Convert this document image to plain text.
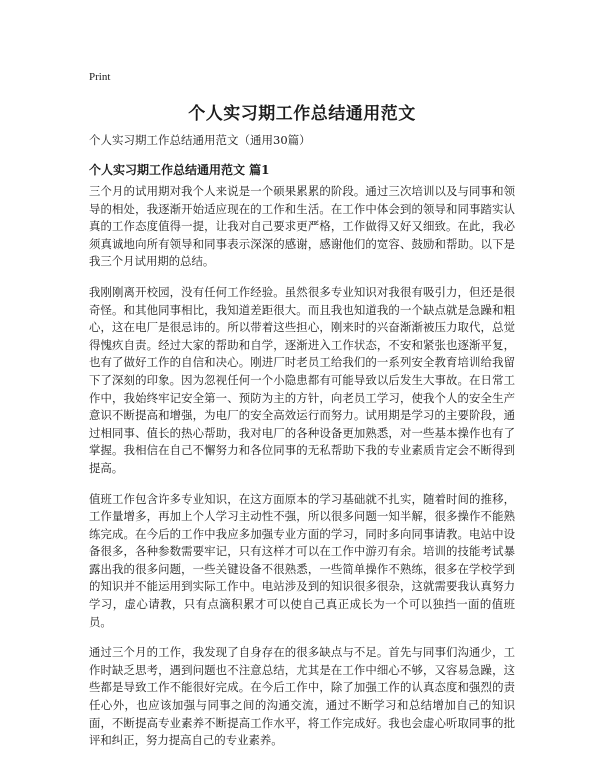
Print
个人实习期工作总结通用范文
个人实习期工作总结通用范文（通用30篇）
个人实习期工作总结通用范文 篇1

三个月的试用期对我个人来说是一个硕果累累的阶段。通过三次培训以及与同事和领导的相处，我逐渐开始适应现在的工作和生活。在工作中体会到的领导和同事踏实认真的工作态度值得一提，让我对自己要求更严格，工作做得又好又细致。在此，我必须真诚地向所有领导和同事表示深深的感谢，感谢他们的宽容、鼓励和帮助。以下是我三个月试用期的总结。

我刚刚离开校园，没有任何工作经验。虽然很多专业知识对我很有吸引力，但还是很奇怪。和其他同事相比，我知道差距很大。而且我也知道我的一个缺点就是急躁和粗心，这在电厂是很忌讳的。所以带着这些担心，刚来时的兴奋渐渐被压力取代，总觉得愧疚自责。经过大家的帮助和自学，逐渐进入工作状态，不安和紧张也逐渐平复，也有了做好工作的自信和决心。刚进厂时老员工给我们的一系列安全教育培训给我留下了深刻的印象。因为忽视任何一个小隐患都有可能导致以后发生大事故。在日常工作中，我始终牢记安全第一、预防为主的方针，向老员工学习，使我个人的安全生产意识不断提高和增强，为电厂的安全高效运行而努力。试用期是学习的主要阶段，通过相同事、值长的热心帮助，我对电厂的各种设备更加熟悉，对一些基本操作也有了掌握。我相信在自己不懈努力和各位同事的无私帮助下我的专业素质肯定会不断得到提高。

值班工作包含许多专业知识，在这方面原本的学习基础就不扎实，随着时间的推移，工作量增多，再加上个人学习主动性不强，所以很多问题一知半解，很多操作不能熟练完成。在今后的工作中我应多加强专业方面的学习，同时多向同事请教。电站中设备很多，各种参数需要牢记，只有这样才可以在工作中游刃有余。培训的技能考试暴露出我的很多问题，一些关键设备不很熟悉，一些简单操作不熟练，很多在学校学到的知识并不能运用到实际工作中。电站涉及到的知识很多很杂，这就需要我认真努力学习，虚心请教，只有点滴积累才可以使自己真正成长为一个可以独挡一面的值班员。

通过三个月的工作，我发现了自身存在的很多缺点与不足。首先与同事们沟通少，工作时缺乏思考，遇到问题也不注意总结，尤其是在工作中细心不够，又容易急躁，这些都是导致工作不能很好完成。在今后工作中，除了加强工作的认真态度和强烈的责任心外，也应该加强与同事之间的沟通交流，通过不断学习和总结增加自己的知识面，不断提高专业素养不断提高工作水平，将工作完成好。我也会虚心听取同事的批评和纠正，努力提高自己的专业素养。
